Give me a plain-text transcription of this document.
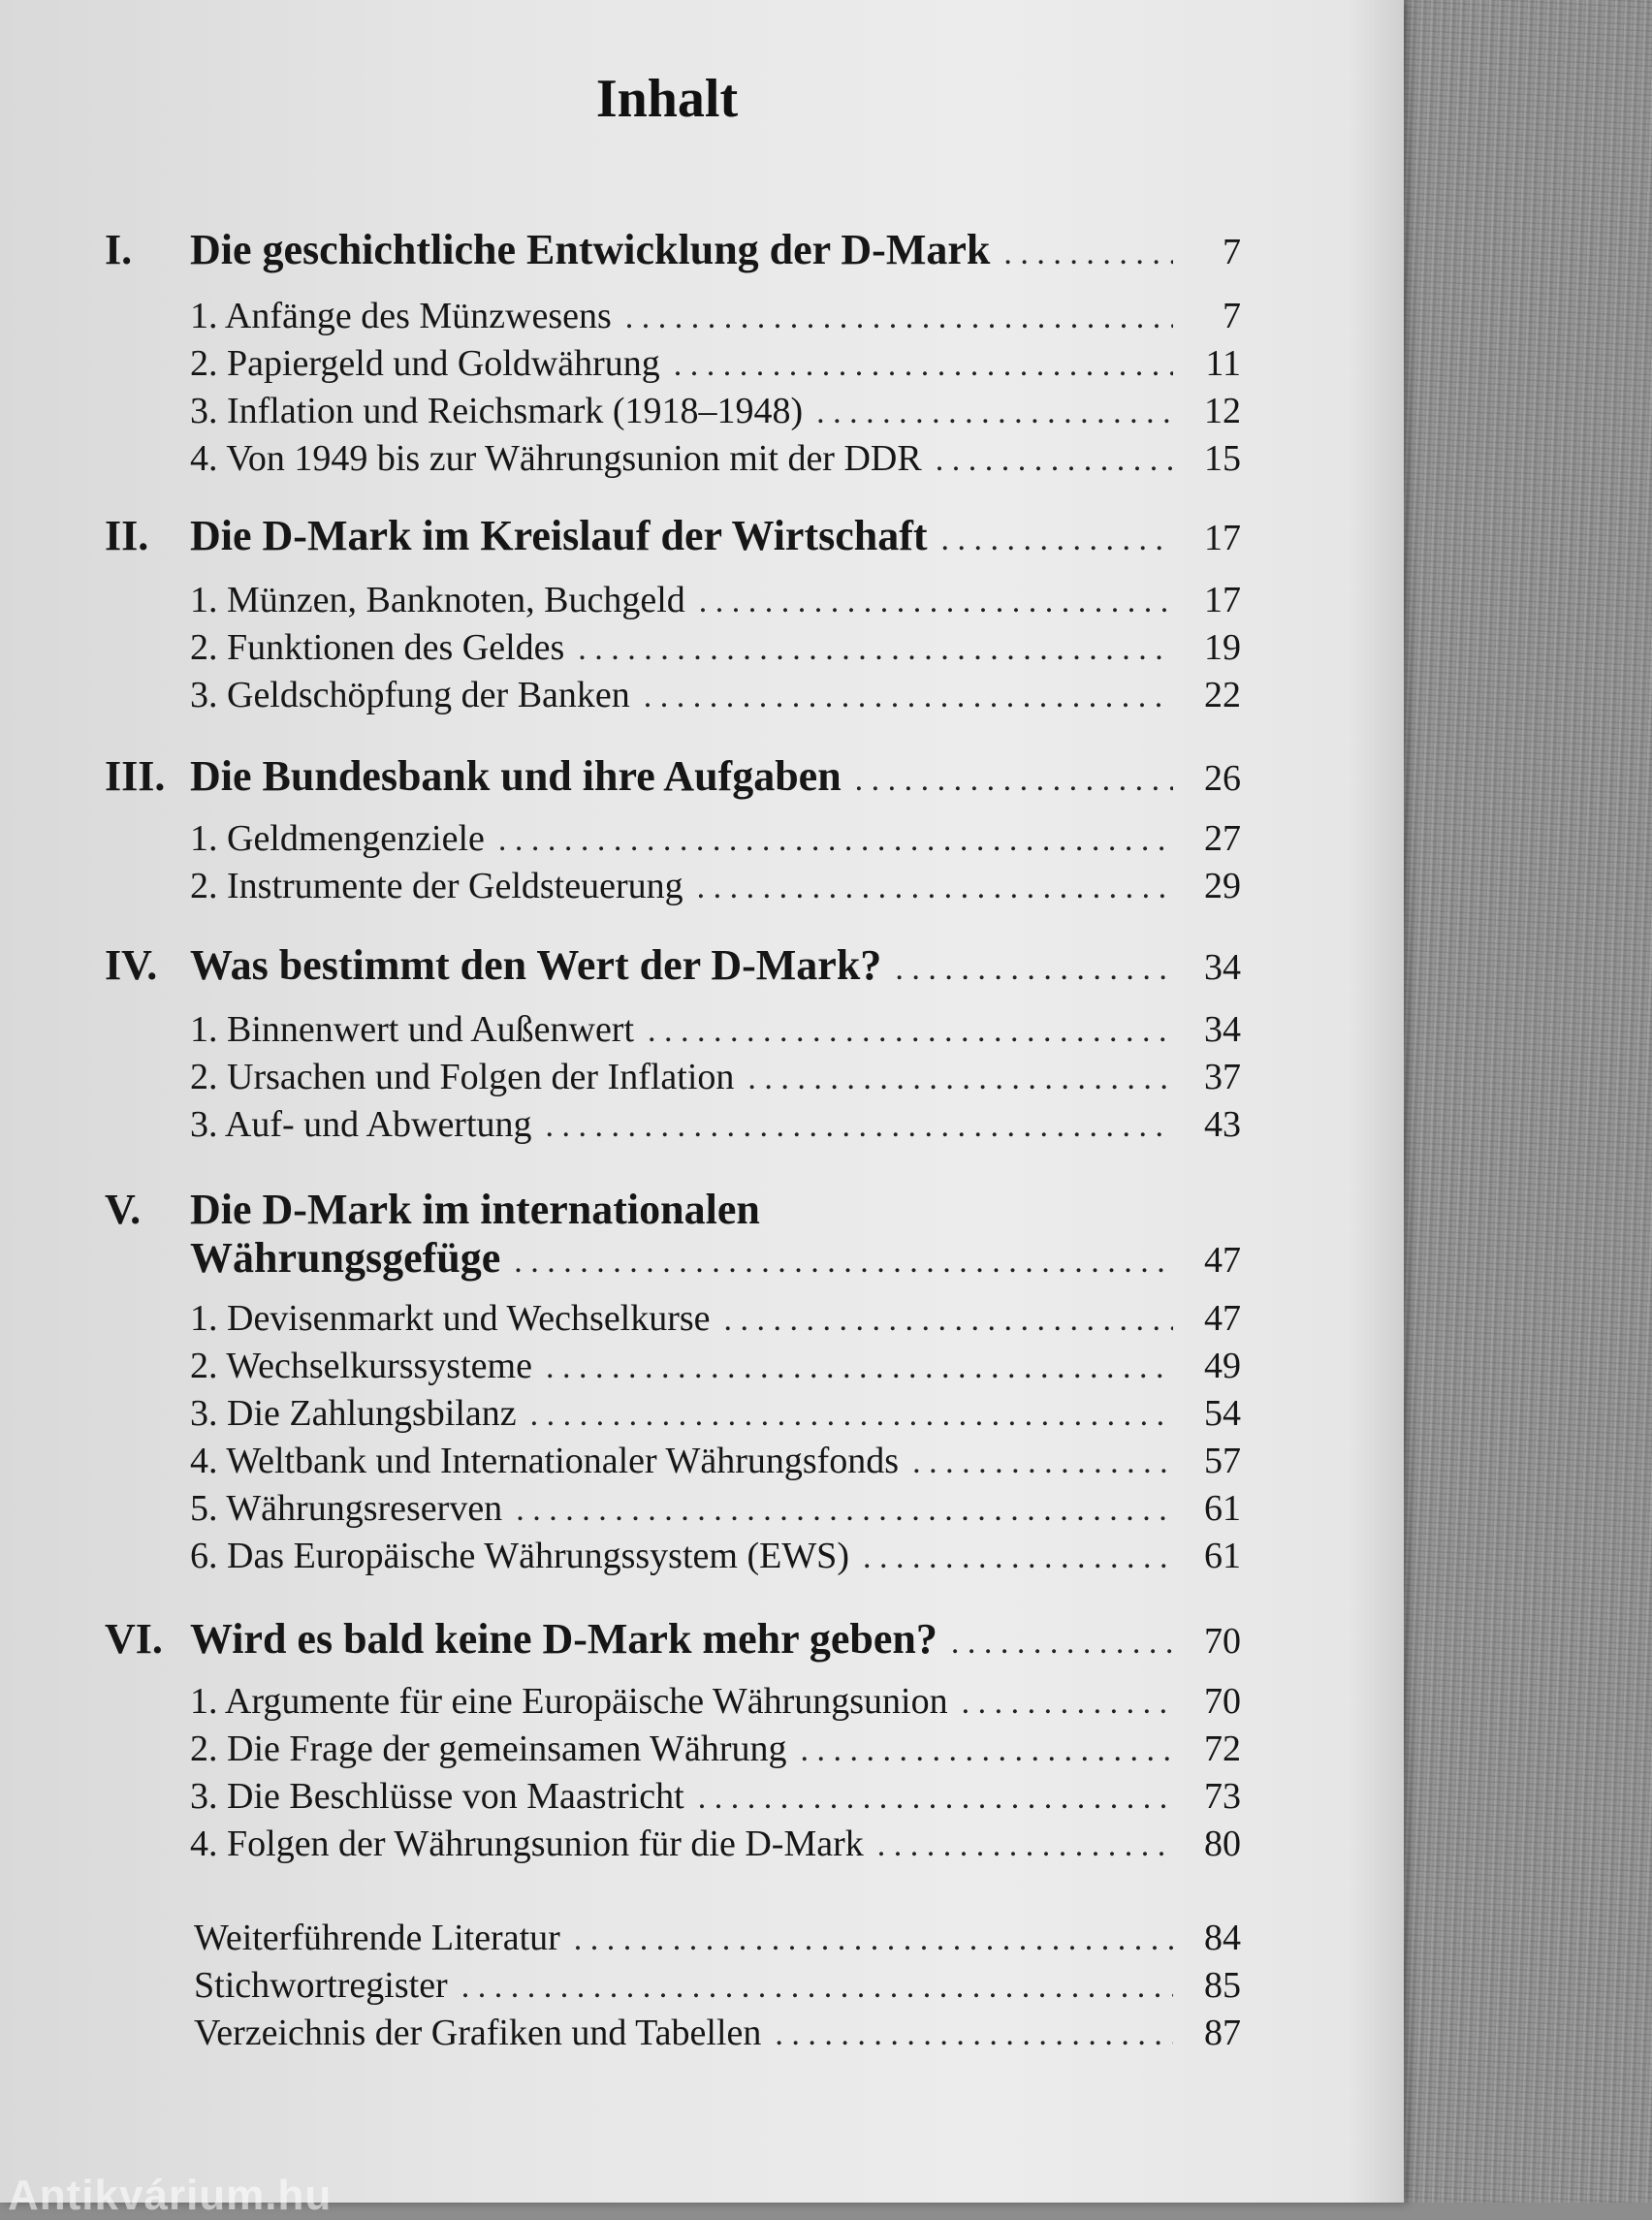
Inhalt
I. Die geschichtliche Entwicklung der D-Mark . . .	7
1. Anfänge des Münzwesens . . .	7
2. Papiergeld und Goldwährung . . .	11
3. Inflation und Reichsmark (1918–1948) . . .	12
4. Von 1949 bis zur Währungsunion mit der DDR . . .	15
II. Die D-Mark im Kreislauf der Wirtschaft . . .	17
1. Münzen, Banknoten, Buchgeld . . .	17
2. Funktionen des Geldes . . .	19
3. Geldschöpfung der Banken . . .	22
III. Die Bundesbank und ihre Aufgaben . . .	26
1. Geldmengenziele . . .	27
2. Instrumente der Geldsteuerung . . .	29
IV. Was bestimmt den Wert der D-Mark? . . .	34
1. Binnenwert und Außenwert . . .	34
2. Ursachen und Folgen der Inflation . . .	37
3. Auf- und Abwertung . . .	43
V. Die D-Mark im internationalen
Währungsgefüge . . .	47
1. Devisenmarkt und Wechselkurse . . .	47
2. Wechselkurssysteme . . .	49
3. Die Zahlungsbilanz . . .	54
4. Weltbank und Internationaler Währungsfonds . . .	57
5. Währungsreserven . . .	61
6. Das Europäische Währungssystem (EWS) . . .	61
VI. Wird es bald keine D-Mark mehr geben? . . .	70
1. Argumente für eine Europäische Währungsunion . . .	70
2. Die Frage der gemeinsamen Währung . . .	72
3. Die Beschlüsse von Maastricht . . .	73
4. Folgen der Währungsunion für die D-Mark . . .	80
Weiterführende Literatur . . .	84
Stichwortregister . . .	85
Verzeichnis der Grafiken und Tabellen . . .	87
Antikvárium.hu
